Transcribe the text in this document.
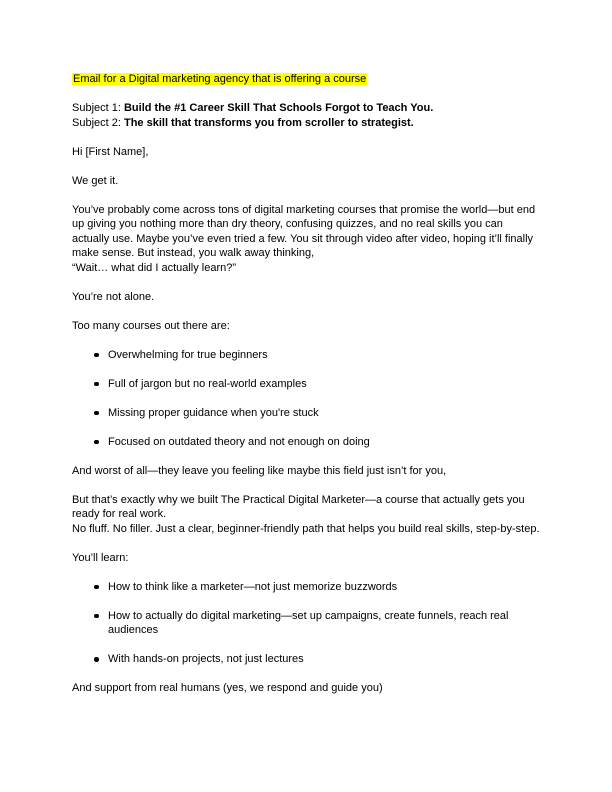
Email for a Digital marketing agency that is offering a course
Subject 1: Build the #1 Career Skill That Schools Forgot to Teach You.
Subject 2: The skill that transforms you from scroller to strategist.
Hi [First Name],
We get it.
You’ve probably come across tons of digital marketing courses that promise the world—but end up giving you nothing more than dry theory, confusing quizzes, and no real skills you can actually use. Maybe you’ve even tried a few. You sit through video after video, hoping it’ll finally make sense. But instead, you walk away thinking,
“Wait… what did I actually learn?”
You’re not alone.
Too many courses out there are:
Overwhelming for true beginners
Full of jargon but no real-world examples
Missing proper guidance when you're stuck
Focused on outdated theory and not enough on doing
And worst of all—they leave you feeling like maybe this field just isn’t for you,
But that’s exactly why we built The Practical Digital Marketer—a course that actually gets you ready for real work.
No fluff. No filler. Just a clear, beginner-friendly path that helps you build real skills, step-by-step.
You’ll learn:
How to think like a marketer—not just memorize buzzwords
How to actually do digital marketing—set up campaigns, create funnels, reach real audiences
With hands-on projects, not just lectures
And support from real humans (yes, we respond and guide you)
